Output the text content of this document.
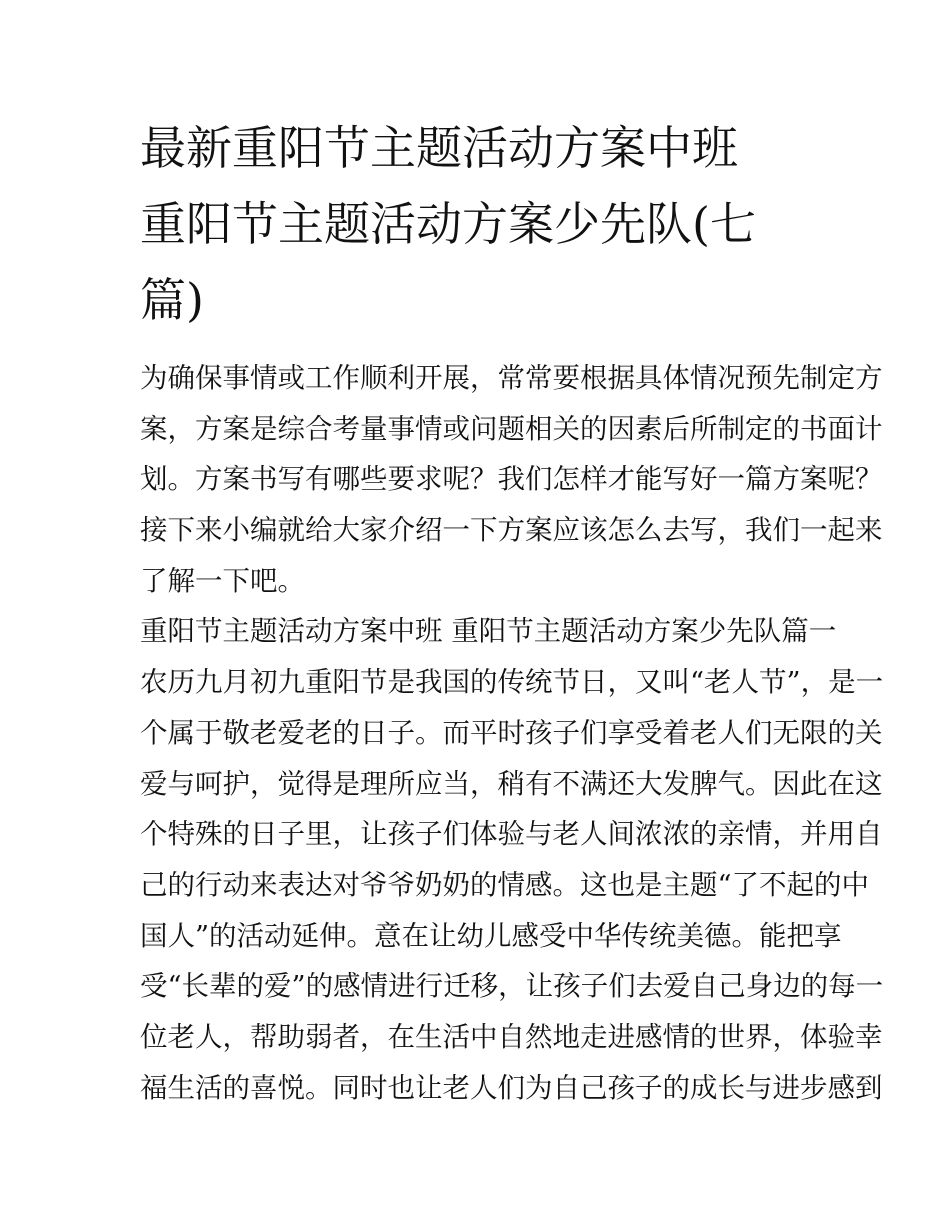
最新重阳节主题活动方案中班
重阳节主题活动方案少先队(七
篇)
为确保事情或工作顺利开展，常常要根据具体情况预先制定方
案，方案是综合考量事情或问题相关的因素后所制定的书面计
划。方案书写有哪些要求呢？我们怎样才能写好一篇方案呢？
接下来小编就给大家介绍一下方案应该怎么去写，我们一起来
了解一下吧。
重阳节主题活动方案中班 重阳节主题活动方案少先队篇一
农历九月初九重阳节是我国的传统节日，又叫“老人节”，是一
个属于敬老爱老的日子。而平时孩子们享受着老人们无限的关
爱与呵护，觉得是理所应当，稍有不满还大发脾气。因此在这
个特殊的日子里，让孩子们体验与老人间浓浓的亲情，并用自
己的行动来表达对爷爷奶奶的情感。这也是主题“了不起的中
国人”的活动延伸。意在让幼儿感受中华传统美德。能把享
受“长辈的爱”的感情进行迁移，让孩子们去爱自己身边的每一
位老人，帮助弱者，在生活中自然地走进感情的世界，体验幸
福生活的喜悦。同时也让老人们为自己孩子的成长与进步感到
